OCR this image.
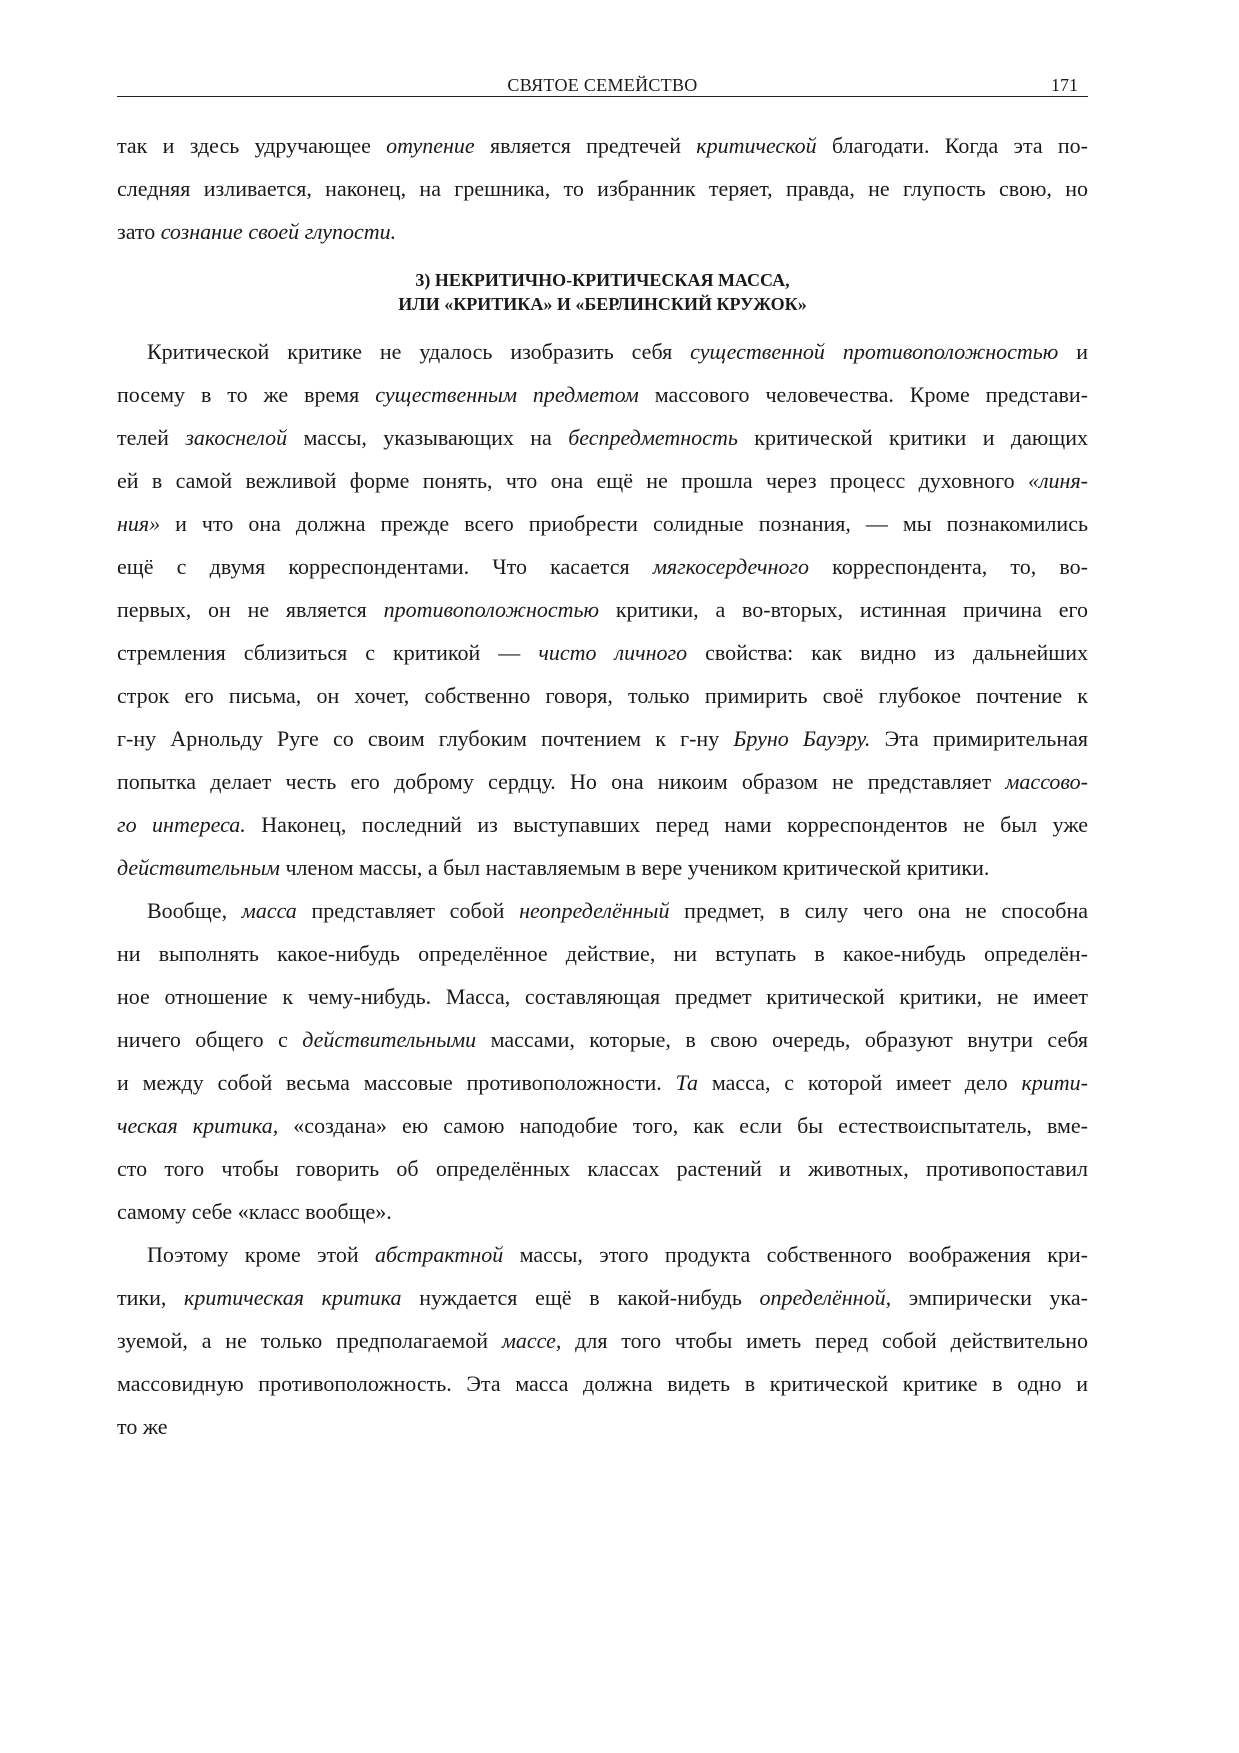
СВЯТОЕ СЕМЕЙСТВО	171
так и здесь удручающее отупение является предтечей критической благодати. Когда эта по-
следняя изливается, наконец, на грешника, то избранник теряет, правда, не глупость свою, но
зато сознание своей глупости.
3) НЕКРИТИЧНО-КРИТИЧЕСКАЯ МАССА,
ИЛИ «КРИТИКА» И «БЕРЛИНСКИЙ КРУЖОК»
Критической критике не удалось изобразить себя существенной противоположностью и
посему в то же время существенным предметом массового человечества. Кроме представи-
телей закоснелой массы, указывающих на беспредметность критической критики и дающих
ей в самой вежливой форме понять, что она ещё не прошла через процесс духовного «линя-
ния» и что она должна прежде всего приобрести солидные познания, — мы познакомились
ещё с двумя корреспондентами. Что касается мягкосердечного корреспондента, то, во-
первых, он не является противоположностью критики, а во-вторых, истинная причина его
стремления сблизиться с критикой — чисто личного свойства: как видно из дальнейших
строк его письма, он хочет, собственно говоря, только примирить своё глубокое почтение к
г-ну Арнольду Руге со своим глубоким почтением к г-ну Бруно Бауэру. Эта примирительная
попытка делает честь его доброму сердцу. Но она никоим образом не представляет массово-
го интереса. Наконец, последний из выступавших перед нами корреспондентов не был уже
действительным членом массы, а был наставляемым в вере учеником критической критики.
Вообще, масса представляет собой неопределённый предмет, в силу чего она не способна
ни выполнять какое-нибудь определённое действие, ни вступать в какое-нибудь определён-
ное отношение к чему-нибудь. Масса, составляющая предмет критической критики, не имеет
ничего общего с действительными массами, которые, в свою очередь, образуют внутри себя
и между собой весьма массовые противоположности. Та масса, с которой имеет дело крити-
ческая критика, «создана» ею самою наподобие того, как если бы естествоиспытатель, вме-
сто того чтобы говорить об определённых классах растений и животных, противопоставил
самому себе «класс вообще».
Поэтому кроме этой абстрактной массы, этого продукта собственного воображения кри-
тики, критическая критика нуждается ещё в какой-нибудь определённой, эмпирически ука-
зуемой, а не только предполагаемой массе, для того чтобы иметь перед собой действительно
массовидную противоположность. Эта масса должна видеть в критической критике в одно и
то же
